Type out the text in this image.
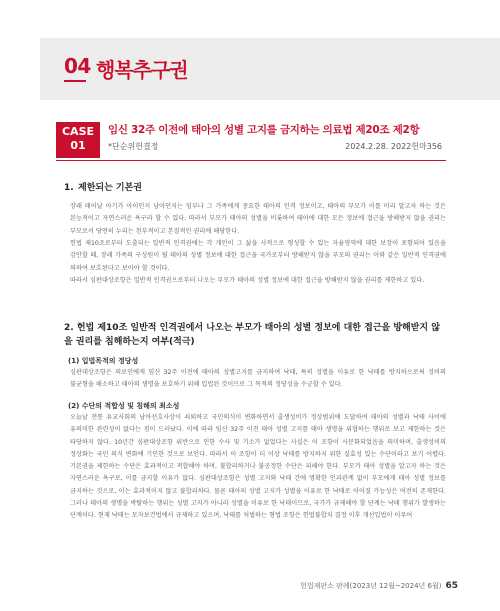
04 행복추구권
CASE
01
임신 32주 이전에 태아의 성별 고지를 금지하는 의료법 제20조 제2항
*단순위헌결정	2024.2.28. 2022헌마356
1. 제한되는 기본권
장래 태어날 아기가 아이인지 남아인지는 임부나 그 가족에게 중요한 태아의 인격 정보이고, 태아의 부모가 이를 미리 알고자 하는 것은 본능적이고 자연스러운 욕구라 할 수 있다. 따라서 부모가 태아의 성별을 비롯하여 태아에 대한 모든 정보에 접근을 방해받지 않을 권리는 부모로서 당연히 누리는 천부적이고 본질적인 권리에 해당한다.
헌법 제10조로부터 도출되는 일반적 인격권에는 각 개인이 그 삶을 사적으로 형성할 수 있는 자율영역에 대한 보장이 포함되어 있음을 감안할 때, 장래 가족의 구성원이 될 태아의 성별 정보에 대한 접근을 국가로부터 방해받지 않을 부모의 권리는 이와 같은 일반적 인격권에 의하여 보호된다고 보아야 할 것이다.
따라서 심판대상조항은 일반적 인격권으로부터 나오는 부모가 태아의 성별 정보에 대한 접근을 방해받지 않을 권리를 제한하고 있다.
2. 헌법 제10조 일반적 인격권에서 나오는 부모가 태아의 성별 정보에 대한 접근을 방해받지 않을 권리를 침해하는지 여부(적극)
(1) 입법목적의 정당성
심판대상조항은 의료인에게 임신 32주 이전에 태아의 성별고지를 금지하여 낙태, 특히 성별을 이유로 한 낙태를 방지하으로써 성비의 불균형을 해소하고 태아의 생명을 보호하기 위해 입법된 것이므로 그 목적의 정당성을 수긍할 수 있다.
(2) 수단의 적합성 및 침해의 최소성
오늘날 전통 유교사회의 남아선호사상이 쇠퇴하고 국민의식이 변화하면서 출생성비가 정상범위에 도달하여 태아의 성별과 낙태 사이에 유의미한 관련성이 없다는 점이 드러났다. 이에 따라 임신 32주 이전 태아 성별 고지를 태아 생명을 위협하는 행위로 보고 제한하는 것은 타당하지 않다. 10년간 심판대상조항 위반으로 인한 수사 및 기소가 없었다는 사실은 이 조항이 사문화되었음을 의미하며, 출생성비의 정상화는 국민 의식 변화에 기인한 것으로 보인다. 따라서 이 조항이 더 이상 낙태를 방지하지 위한 실효성 있는 수단이라고 보기 어렵다. 기본권을 제한하는 수단은 효과적이고 적합해야 하며, 불합리하거나 불공정한 수단은 피해야 한다. 부모가 태아 성별을 알고자 하는 것은 자연스러운 욕구로, 이를 금지할 이유가 없다. 심판대상조항은 성별 고지와 낙태 간에 명확한 인과관계 없이 부모에게 태아 성별 정보를 금지하는 것으로, 이는 효과적이지 않고 불합리하다. 물론 태아의 성별 고지가 성별을 이유로 한 낙태로 이어질 가능성은 여전히 존재한다. 그러나 태아의 생명을 박탈하는 행위는 성별 고지가 아니라 성별을 이유로 한 낙태이므로, 국가가 규제해야 할 단계는 낙태 행위가 발생하는 단계이다. 현재 낙태는 모자보건법에서 규제하고 있으며, 낙태를 처벌하는 형법 조항은 헌법불합치 결정 이후 개선입법이 이루어
헌법재판소 판례(2023년 12월~2024년 6월) 65
